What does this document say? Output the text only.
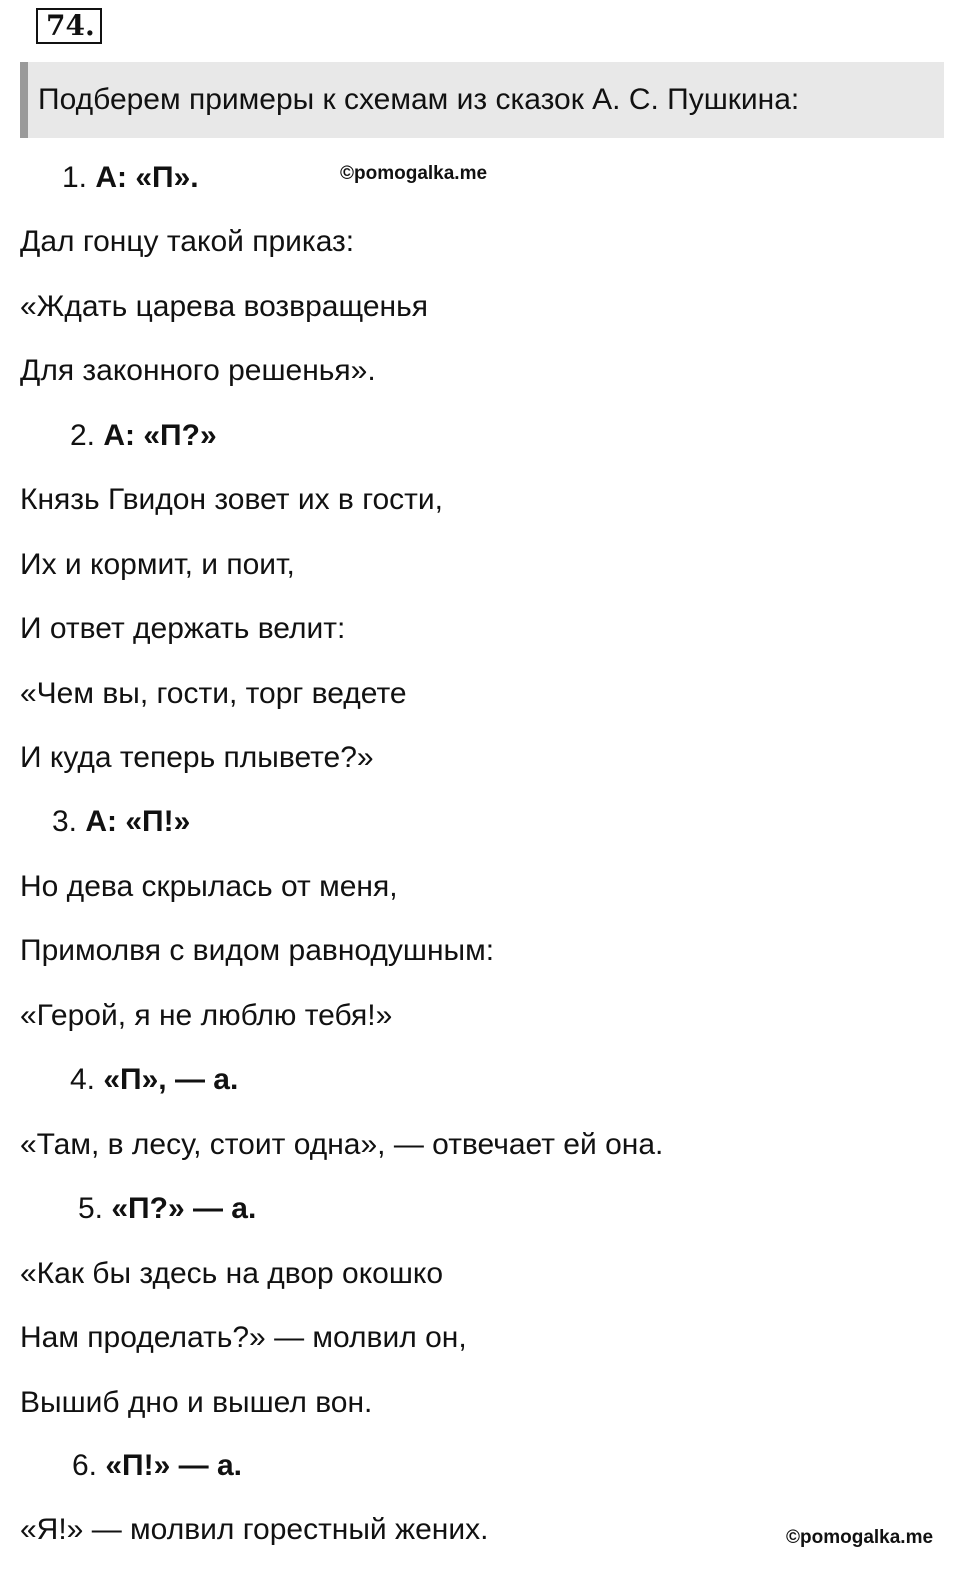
74.
Подберем примеры к схемам из сказок А. С. Пушкина:
©pomogalka.me
1. А: «П».
Дал гонцу такой приказ:
«Ждать царева возвращенья
Для законного решенья».
2. А: «П?»
Князь Гвидон зовет их в гости,
Их и кормит, и поит,
И ответ держать велит:
«Чем вы, гости, торг ведете
И куда теперь плывете?»
3. А: «П!»
Но дева скрылась от меня,
Примолвя с видом равнодушным:
«Герой, я не люблю тебя!»
4. «П», — а.
«Там, в лесу, стоит одна», — отвечает ей она.
5. «П?» — а.
«Как бы здесь на двор окошко
Нам проделать?» — молвил он,
Вышиб дно и вышел вон.
6. «П!» — а.
«Я!» — молвил горестный жених.	©pomogalka.me
